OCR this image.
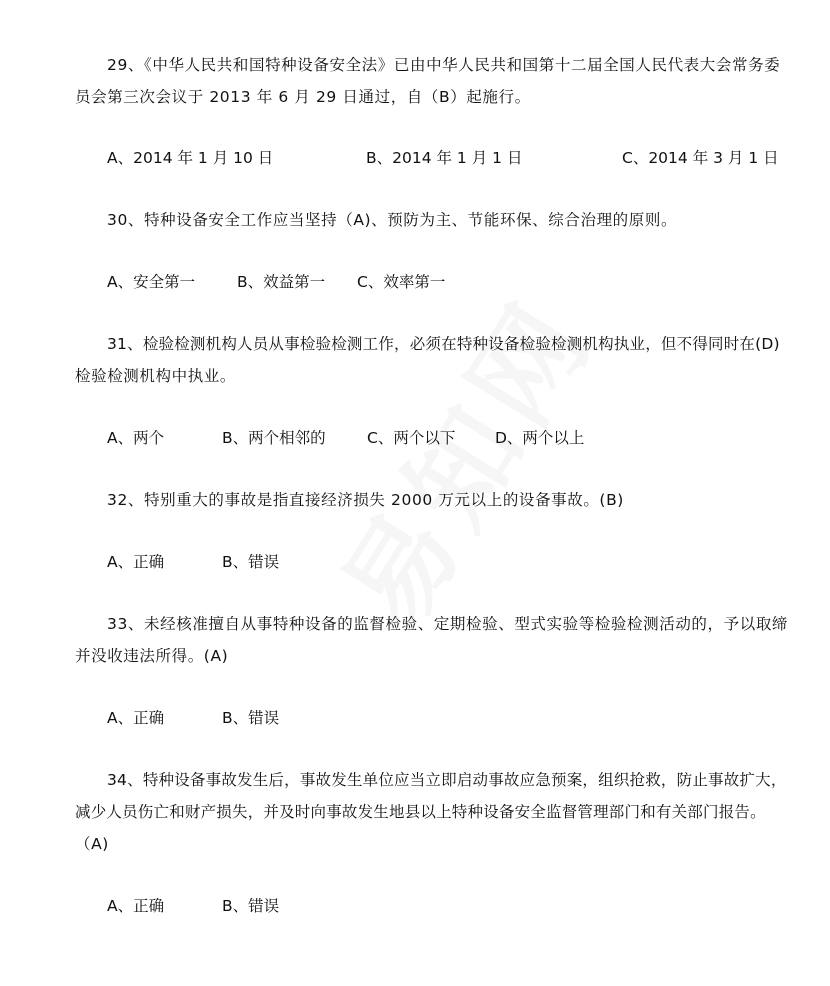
29、《中华人民共和国特种设备安全法》已由中华人民共和国第十二届全国人民代表大会常务委
员会第三次会议于 2013 年 6 月 29 日通过，自（B）起施行。
A、2014 年 1 月 10 日	B、2014 年 1 月 1 日	C、2014 年 3 月 1 日
30、特种设备安全工作应当坚持（A)、预防为主、节能环保、综合治理的原则。
A、安全第一	B、效益第一 C、效率第一
31、检验检测机构人员从事检验检测工作，必须在特种设备检验检测机构执业，但不得同时在(D)
检验检测机构中执业。
A、两个	B、两个相邻的	C、两个以下	D、两个以上
32、特别重大的事故是指直接经济损失 2000 万元以上的设备事故。(B)
A、正确	B、错误
33、未经核准擅自从事特种设备的监督检验、定期检验、型式实验等检验检测活动的，予以取缔
并没收违法所得。(A)
A、正确	B、错误
34、特种设备事故发生后，事故发生单位应当立即启动事故应急预案，组织抢救，防止事故扩大，
减少人员伤亡和财产损失，并及时向事故发生地县以上特种设备安全监督管理部门和有关部门报告。
（A)
A、正确	B、错误
